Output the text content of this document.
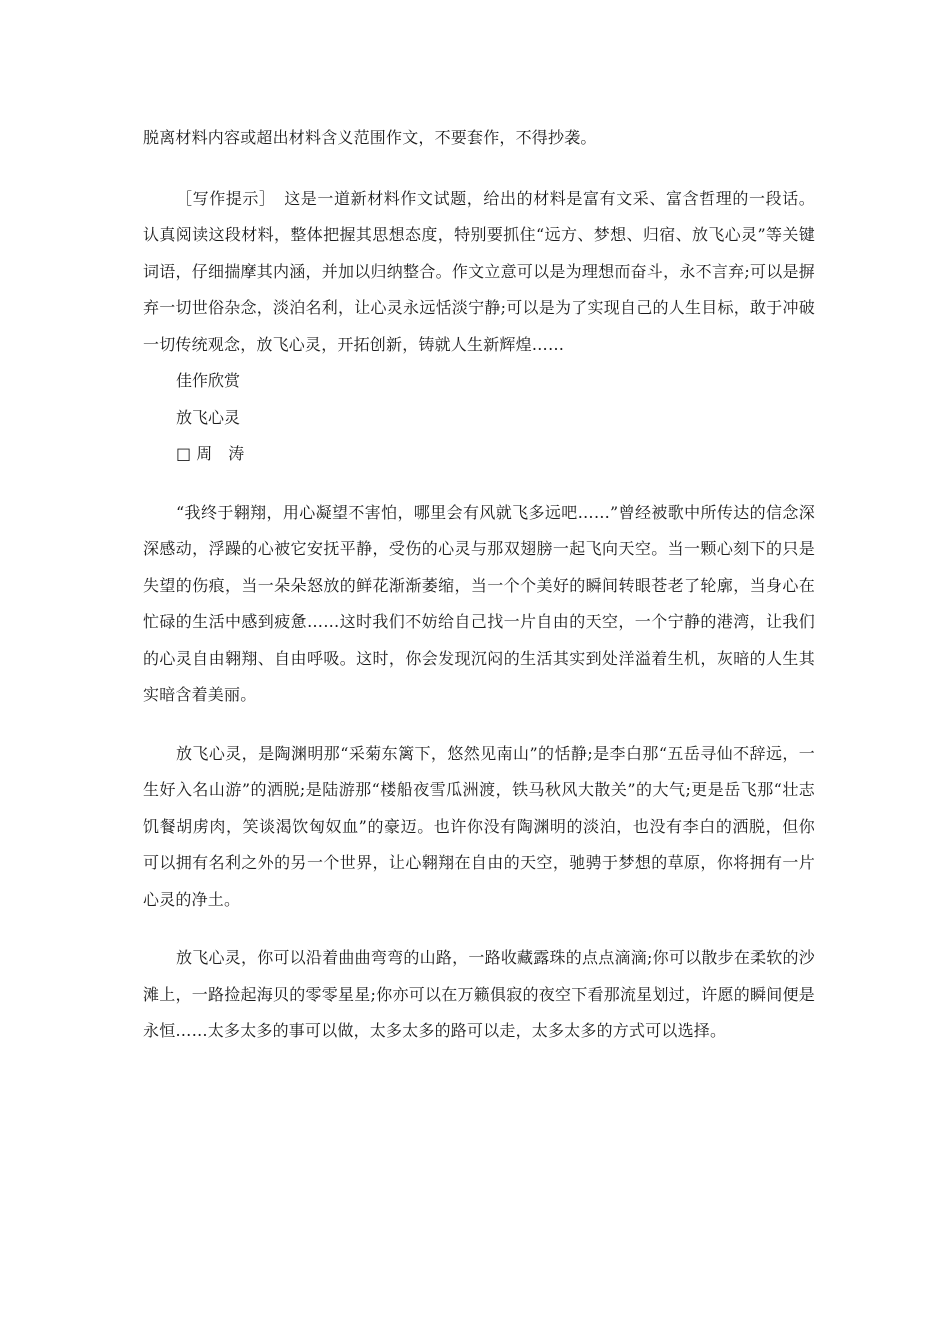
脱离材料内容或超出材料含义范围作文，不要套作，不得抄袭。

［写作提示］　这是一道新材料作文试题，给出的材料是富有文采、富含哲理的一段话。认真阅读这段材料，整体把握其思想态度，特别要抓住“远方、梦想、归宿、放飞心灵”等关键词语，仔细揣摩其内涵，并加以归纳整合。作文立意可以是为理想而奋斗，永不言弃;可以是摒弃一切世俗杂念，淡泊名利，让心灵永远恬淡宁静;可以是为了实现自己的人生目标，敢于冲破一切传统观念，放飞心灵，开拓创新，铸就人生新辉煌……

佳作欣赏

放飞心灵

□ 周　涛

“我终于翱翔，用心凝望不害怕，哪里会有风就飞多远吧……”曾经被歌中所传达的信念深深感动，浮躁的心被它安抚平静，受伤的心灵与那双翅膀一起飞向天空。当一颗心刻下的只是失望的伤痕，当一朵朵怒放的鲜花渐渐萎缩，当一个个美好的瞬间转眼苍老了轮廓，当身心在忙碌的生活中感到疲惫……这时我们不妨给自己找一片自由的天空，一个宁静的港湾，让我们的心灵自由翱翔、自由呼吸。这时，你会发现沉闷的生活其实到处洋溢着生机，灰暗的人生其实暗含着美丽。

放飞心灵，是陶渊明那“采菊东篱下，悠然见南山”的恬静;是李白那“五岳寻仙不辞远，一生好入名山游”的洒脱;是陆游那“楼船夜雪瓜洲渡，铁马秋风大散关”的大气;更是岳飞那“壮志饥餐胡虏肉，笑谈渴饮匈奴血”的豪迈。也许你没有陶渊明的淡泊，也没有李白的洒脱，但你可以拥有名利之外的另一个世界，让心翱翔在自由的天空，驰骋于梦想的草原，你将拥有一片心灵的净土。

放飞心灵，你可以沿着曲曲弯弯的山路，一路收藏露珠的点点滴滴;你可以散步在柔软的沙滩上，一路捡起海贝的零零星星;你亦可以在万籁俱寂的夜空下看那流星划过，许愿的瞬间便是永恒……太多太多的事可以做，太多太多的路可以走，太多太多的方式可以选择。
